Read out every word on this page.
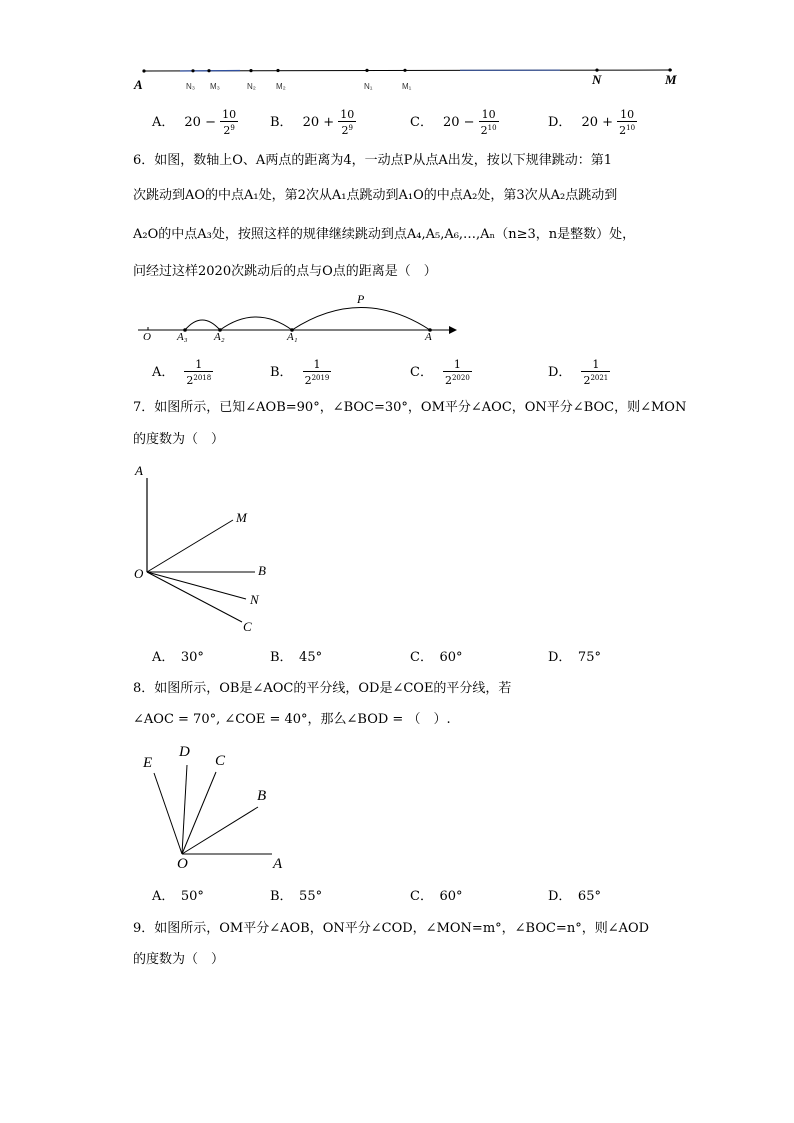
A	N₃ M₃	N₂	M₂	N₁	M₁	N	M
A． $20 - \frac{10}{2^9}$ B． $20 + \frac{10}{2^9}$	C． $20 - \frac{10}{2^{10}}$	D． $20 + \frac{10}{2^{10}}$
6．如图，数轴上O、A两点的距离为4，一动点P从点A出发，按以下规律跳动：第1
次跳动到AO的中点A₁处，第2次从A₁点跳动到A₁O的中点A₂处，第3次从A₂点跳动到
A₂O的中点A₃处，按照这样的规律继续跳动到点A₄,A₅,A₆,…,Aₙ（n≥3，n是整数）处，
问经过这样2020次跳动后的点与O点的距离是（　）
P
O A₃ A₂	A₁	A
A． $\frac{1}{2^{2018}}$	B． $\frac{1}{2^{2019}}$	C． $\frac{1}{2^{2020}}$	D． $\frac{1}{2^{2021}}$
7．如图所示，已知∠AOB=90°，∠BOC=30°，OM平分∠AOC，ON平分∠BOC，则∠MON
的度数为（　）
A
M
O	B
N
C
A．　30°	B．　45°	C．　60°	D．　75°
8．如图所示，OB是∠AOC的平分线，OD是∠COE的平分线，若
∠AOC = 70°, ∠COE = 40°，那么∠BOD = （　）.
E
D
C
B
O	A
A．　50°	B．　55°	C．　60°	D．　65°
9．如图所示，OM平分∠AOB，ON平分∠COD，∠MON=m°，∠BOC=n°，则∠AOD
的度数为（　）
